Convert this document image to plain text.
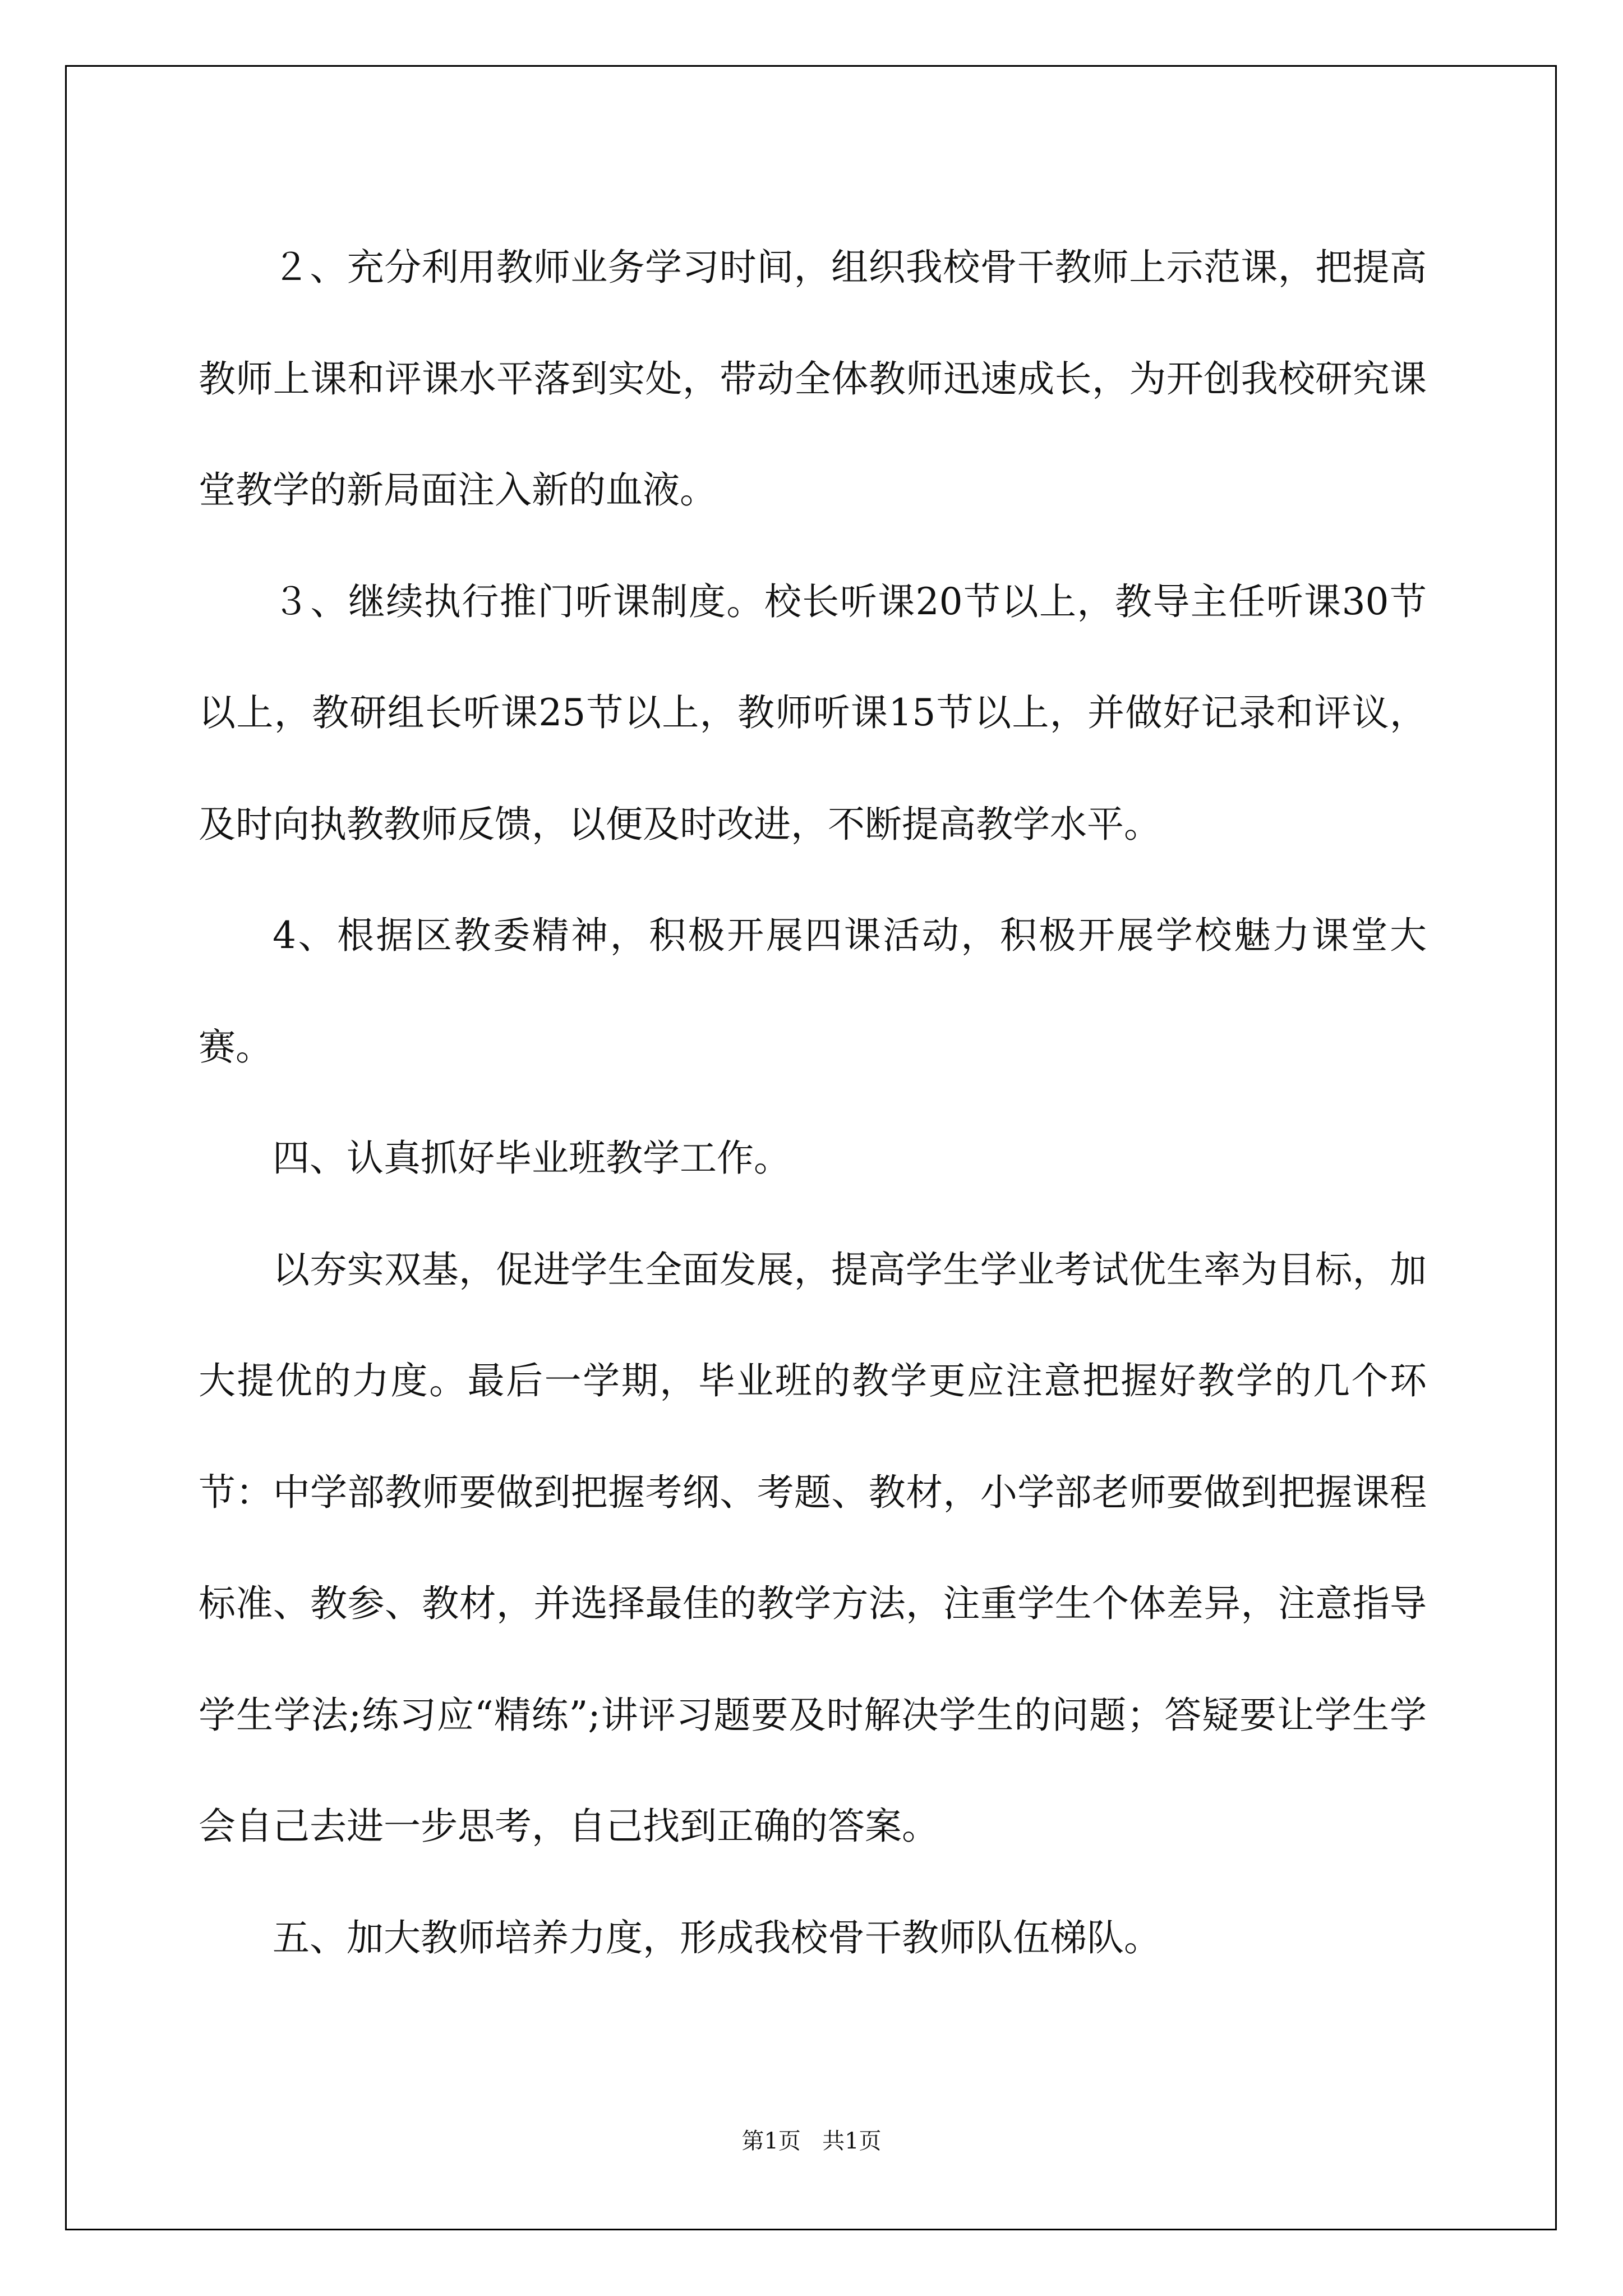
２、充分利用教师业务学习时间，组织我校骨干教师上示范课，把提高教师上课和评课水平落到实处，带动全体教师迅速成长，为开创我校研究课堂教学的新局面注入新的血液。

３、继续执行推门听课制度。校长听课20节以上，教导主任听课30节以上，教研组长听课25节以上，教师听课15节以上，并做好记录和评议，及时向执教教师反馈，以便及时改进，不断提高教学水平。

4、根据区教委精神，积极开展四课活动，积极开展学校魅力课堂大赛。

四、认真抓好毕业班教学工作。

以夯实双基，促进学生全面发展，提高学生学业考试优生率为目标，加大提优的力度。最后一学期，毕业班的教学更应注意把握好教学的几个环节：中学部教师要做到把握考纲、考题、教材，小学部老师要做到把握课程标准、教参、教材，并选择最佳的教学方法，注重学生个体差异，注意指导学生学法;练习应“精练”;讲评习题要及时解决学生的问题；答疑要让学生学会自己去进一步思考，自己找到正确的答案。

五、加大教师培养力度，形成我校骨干教师队伍梯队。

第1页 共1页
